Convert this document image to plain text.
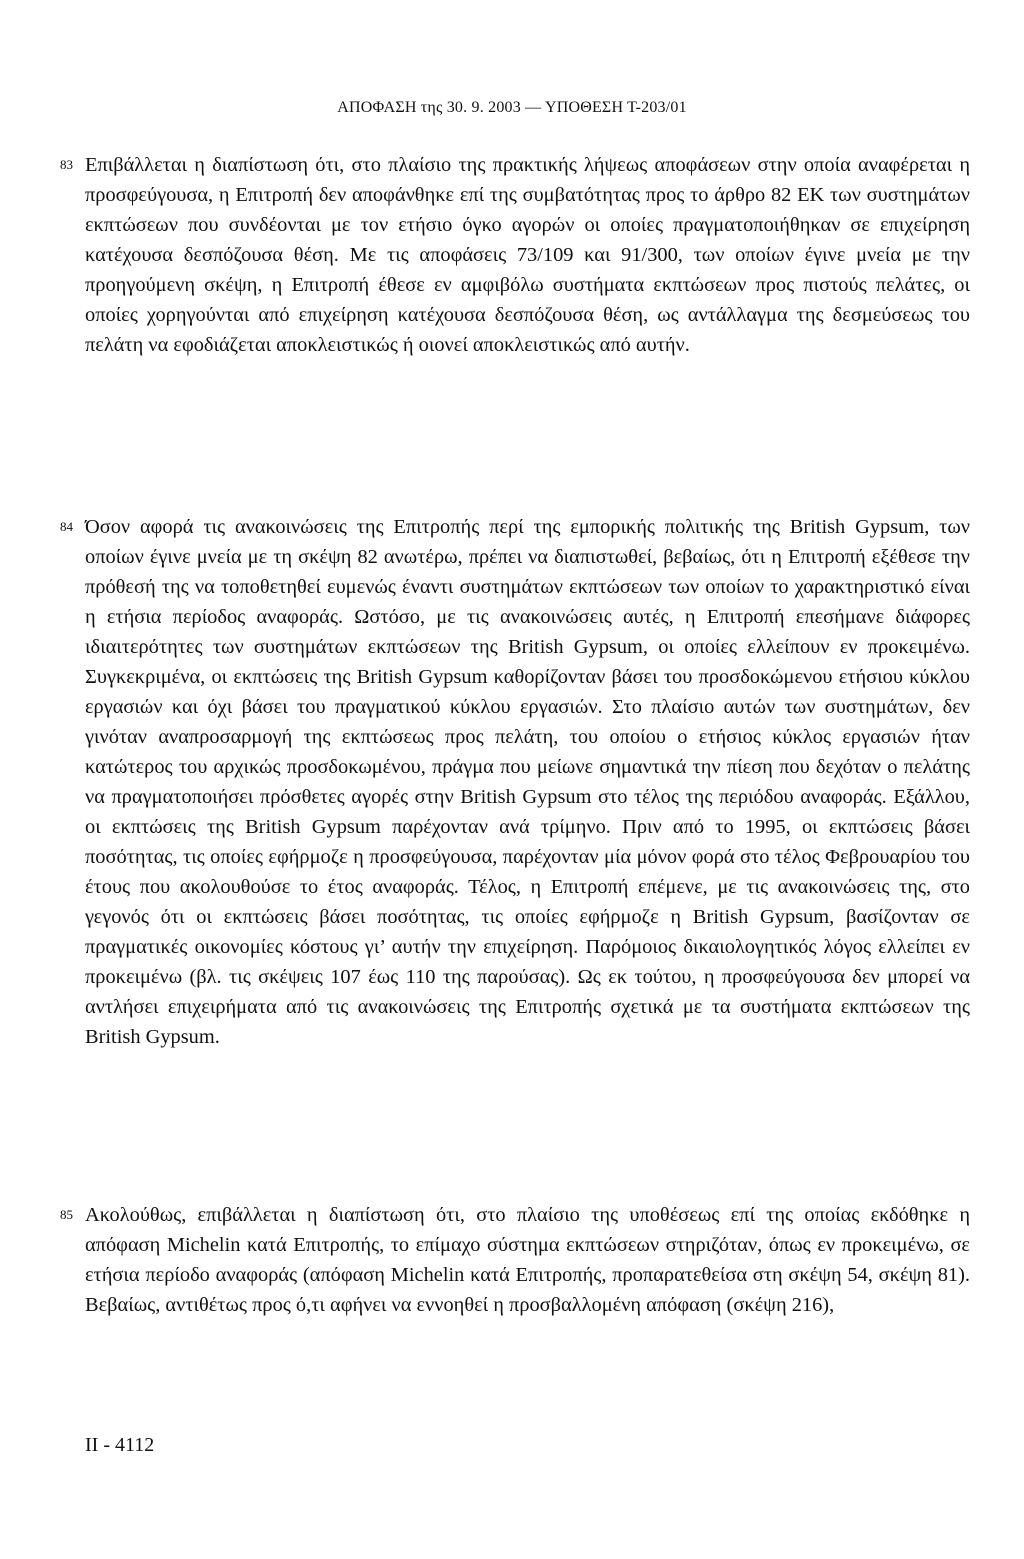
ΑΠΟΦΑΣΗ της 30. 9. 2003 — ΥΠΟΘΕΣΗ Τ-203/01
83 Επιβάλλεται η διαπίστωση ότι, στο πλαίσιο της πρακτικής λήψεως αποφάσεων στην οποία αναφέρεται η προσφεύγουσα, η Επιτροπή δεν αποφάνθηκε επί της συμβατότητας προς το άρθρο 82 ΕΚ των συστημάτων εκπτώσεων που συνδέονται με τον ετήσιο όγκο αγορών οι οποίες πραγματοποιήθηκαν σε επιχείρηση κατέχουσα δεσπόζουσα θέση. Με τις αποφάσεις 73/109 και 91/300, των οποίων έγινε μνεία με την προηγούμενη σκέψη, η Επιτροπή έθεσε εν αμφιβόλω συστήματα εκπτώσεων προς πιστούς πελάτες, οι οποίες χορηγούνται από επιχείρηση κατέχουσα δεσπόζουσα θέση, ως αντάλλαγμα της δεσμεύσεως του πελάτη να εφοδιάζεται αποκλειστικώς ή οιονεί αποκλειστικώς από αυτήν.
84 Όσον αφορά τις ανακοινώσεις της Επιτροπής περί της εμπορικής πολιτικής της British Gypsum, των οποίων έγινε μνεία με τη σκέψη 82 ανωτέρω, πρέπει να διαπιστωθεί, βεβαίως, ότι η Επιτροπή εξέθεσε την πρόθεσή της να τοποθετηθεί ευμενώς έναντι συστημάτων εκπτώσεων των οποίων το χαρακτηριστικό είναι η ετήσια περίοδος αναφοράς. Ωστόσο, με τις ανακοινώσεις αυτές, η Επιτροπή επεσήμανε διάφορες ιδιαιτερότητες των συστημάτων εκπτώσεων της British Gypsum, οι οποίες ελλείπουν εν προκειμένω. Συγκεκριμένα, οι εκπτώσεις της British Gypsum καθορίζονταν βάσει του προσδοκώμενου ετήσιου κύκλου εργασιών και όχι βάσει του πραγματικού κύκλου εργασιών. Στο πλαίσιο αυτών των συστημάτων, δεν γινόταν αναπροσαρμογή της εκπτώσεως προς πελάτη, του οποίου ο ετήσιος κύκλος εργασιών ήταν κατώτερος του αρχικώς προσδοκωμένου, πράγμα που μείωνε σημαντικά την πίεση που δεχόταν ο πελάτης να πραγματοποιήσει πρόσθετες αγορές στην British Gypsum στο τέλος της περιόδου αναφοράς. Εξάλλου, οι εκπτώσεις της British Gypsum παρέχονταν ανά τρίμηνο. Πριν από το 1995, οι εκπτώσεις βάσει ποσότητας, τις οποίες εφήρμοζε η προσφεύγουσα, παρέχονταν μία μόνον φορά στο τέλος Φεβρουαρίου του έτους που ακολουθούσε το έτος αναφοράς. Τέλος, η Επιτροπή επέμενε, με τις ανακοινώσεις της, στο γεγονός ότι οι εκπτώσεις βάσει ποσότητας, τις οποίες εφήρμοζε η British Gypsum, βασίζονταν σε πραγματικές οικονομίες κόστους γι’ αυτήν την επιχείρηση. Παρόμοιος δικαιολογητικός λόγος ελλείπει εν προκειμένω (βλ. τις σκέψεις 107 έως 110 της παρούσας). Ως εκ τούτου, η προσφεύγουσα δεν μπορεί να αντλήσει επιχειρήματα από τις ανακοινώσεις της Επιτροπής σχετικά με τα συστήματα εκπτώσεων της British Gypsum.
85 Ακολούθως, επιβάλλεται η διαπίστωση ότι, στο πλαίσιο της υποθέσεως επί της οποίας εκδόθηκε η απόφαση Michelin κατά Επιτροπής, το επίμαχο σύστημα εκπτώσεων στηριζόταν, όπως εν προκειμένω, σε ετήσια περίοδο αναφοράς (απόφαση Michelin κατά Επιτροπής, προπαρατεθείσα στη σκέψη 54, σκέψη 81). Βεβαίως, αντιθέτως προς ό,τι αφήνει να εννοηθεί η προσβαλλομένη απόφαση (σκέψη 216),
II - 4112
